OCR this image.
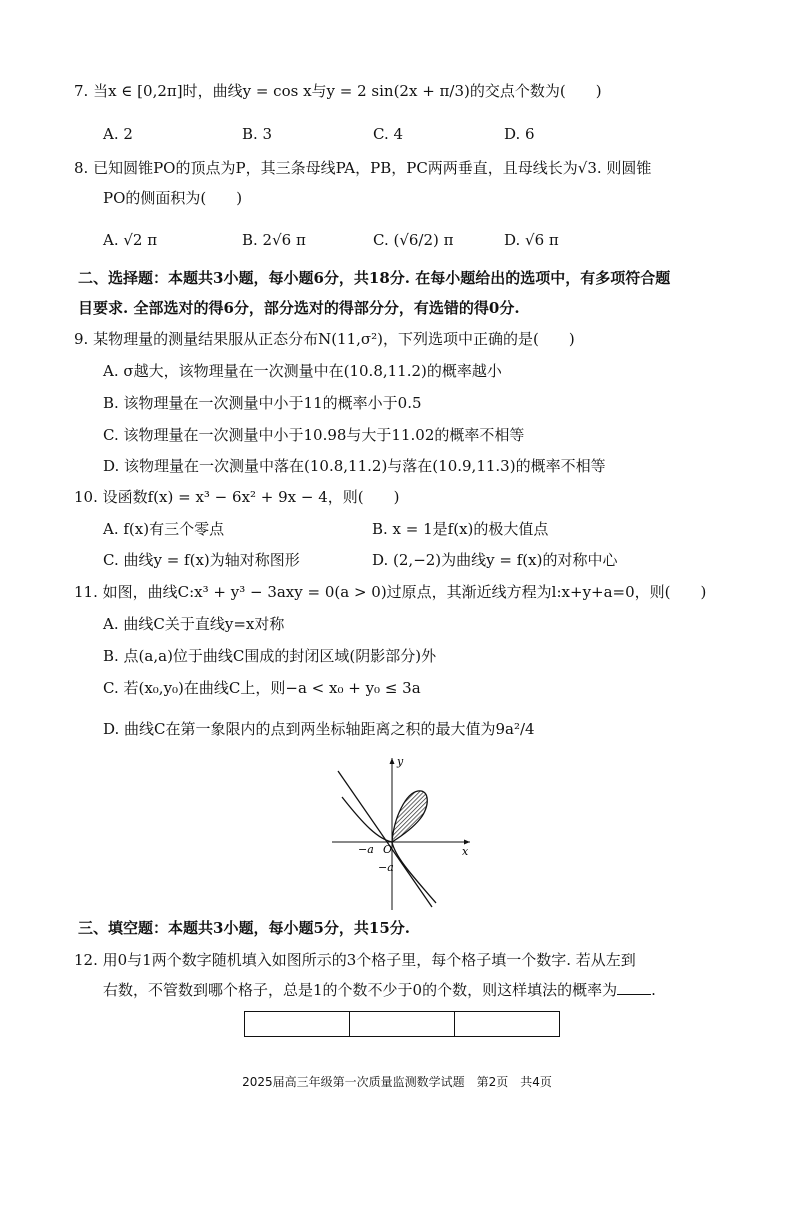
7. 当x ∈ [0,2π]时，曲线y = cos x与y = 2 sin(2x + π/3)的交点个数为(　　)
A. 2	B. 3	C. 4	D. 6
8. 已知圆锥PO的顶点为P，其三条母线PA，PB，PC两两垂直，且母线长为√3. 则圆锥
PO的侧面积为(　　)
A. √2 π	B. 2√6 π	C. (√6/2) π	D. √6 π
二、选择题：本题共3小题，每小题6分，共18分. 在每小题给出的选项中，有多项符合题
目要求. 全部选对的得6分，部分选对的得部分分，有选错的得0分.
9. 某物理量的测量结果服从正态分布N(11,σ²)，下列选项中正确的是(　　)
A. σ越大，该物理量在一次测量中在(10.8,11.2)的概率越小
B. 该物理量在一次测量中小于11的概率小于0.5
C. 该物理量在一次测量中小于10.98与大于11.02的概率不相等
D. 该物理量在一次测量中落在(10.8,11.2)与落在(10.9,11.3)的概率不相等
10. 设函数f(x) = x³ − 6x² + 9x − 4，则(　　)
A. f(x)有三个零点	B. x = 1是f(x)的极大值点
C. 曲线y = f(x)为轴对称图形	D. (2,−2)为曲线y = f(x)的对称中心
11. 如图，曲线C:x³ + y³ − 3axy = 0(a > 0)过原点，其渐近线方程为l:x+y+a=0，则(　　)
A. 曲线C关于直线y=x对称
B. 点(a,a)位于曲线C围成的封闭区域(阴影部分)外
C. 若(x₀,y₀)在曲线C上，则−a < x₀ + y₀ ≤ 3a
D. 曲线C在第一象限内的点到两坐标轴距离之积的最大值为9a²/4
y
x
O
−a
−a
三、填空题：本题共3小题，每小题5分，共15分.
12. 用0与1两个数字随机填入如图所示的3个格子里，每个格子填一个数字. 若从左到
右数，不管数到哪个格子，总是1的个数不少于0的个数，则这样填法的概率为 .
2025届高三年级第一次质量监测数学试题　第2页　共4页
